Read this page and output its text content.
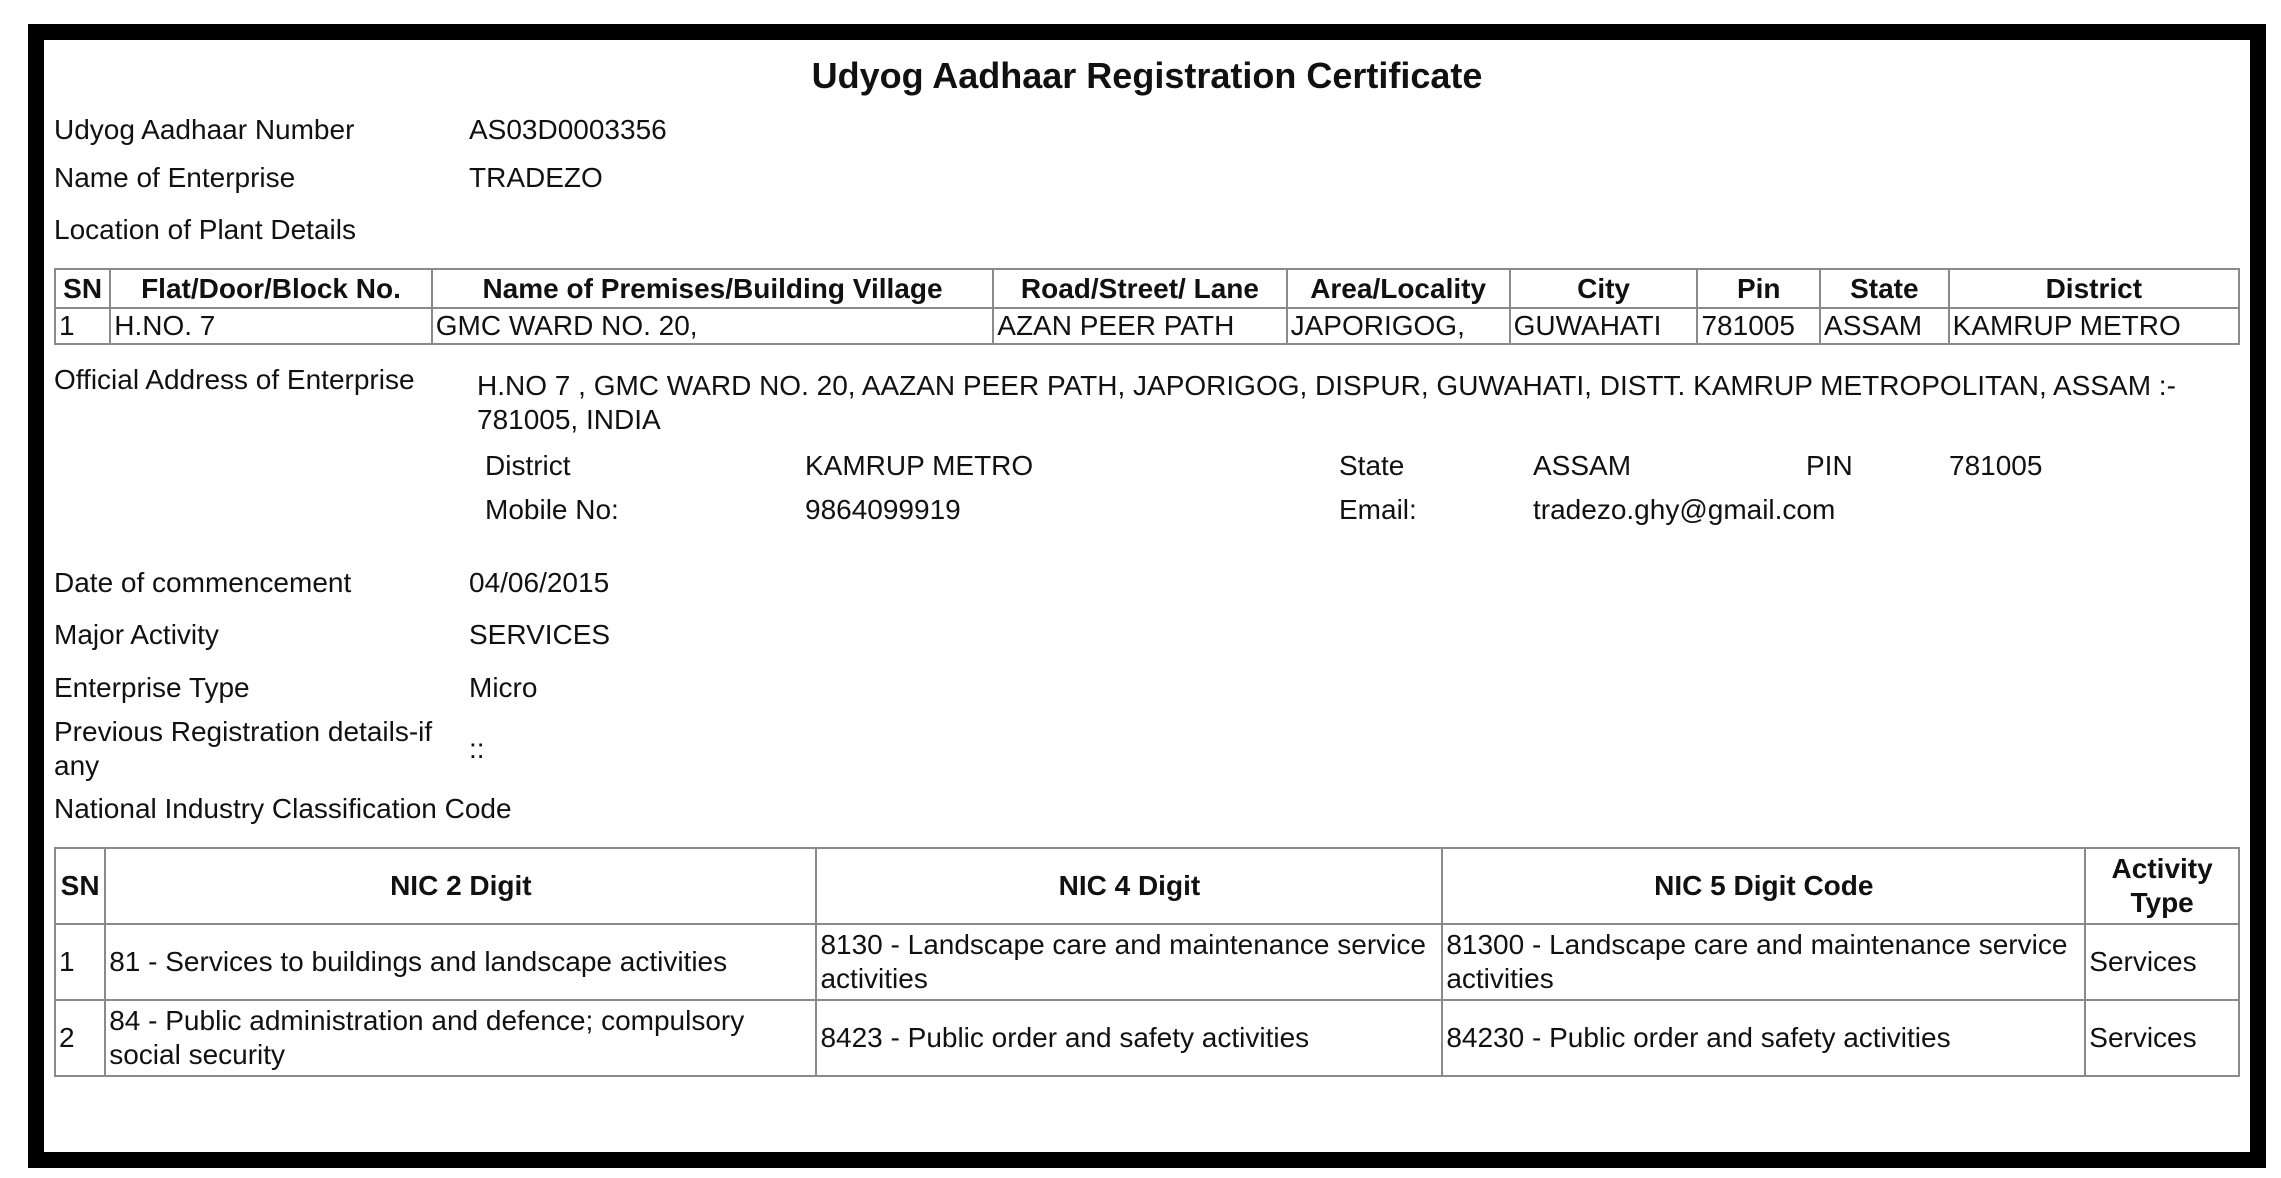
Udyog Aadhaar Registration Certificate
Udyog Aadhaar Number	AS03D0003356
Name of Enterprise	TRADEZO
Location of Plant Details
SN	Flat/Door/Block No.	Name of Premises/Building Village	Road/Street/ Lane	Area/Locality	City	Pin	State	District
1	H.NO. 7	GMC WARD NO. 20,	AZAN PEER PATH	JAPORIGOG,	GUWAHATI	781005	ASSAM	KAMRUP METRO
Official Address of Enterprise	H.NO 7 , GMC WARD NO. 20, AAZAN PEER PATH, JAPORIGOG, DISPUR, GUWAHATI, DISTT. KAMRUP METROPOLITAN, ASSAM :- 781005, INDIA
District	KAMRUP METRO	State	ASSAM	PIN	781005
Mobile No:	9864099919	Email:	tradezo.ghy@gmail.com
Date of commencement	04/06/2015
Major Activity	SERVICES
Enterprise Type	Micro
Previous Registration details-if any
::
National Industry Classification Code
SN	NIC 2 Digit	NIC 4 Digit	NIC 5 Digit Code	Activity Type
1	81 - Services to buildings and landscape activities	8130 - Landscape care and maintenance service activities	81300 - Landscape care and maintenance service activities	Services
2	84 - Public administration and defence; compulsory social security	8423 - Public order and safety activities	84230 - Public order and safety activities	Services
